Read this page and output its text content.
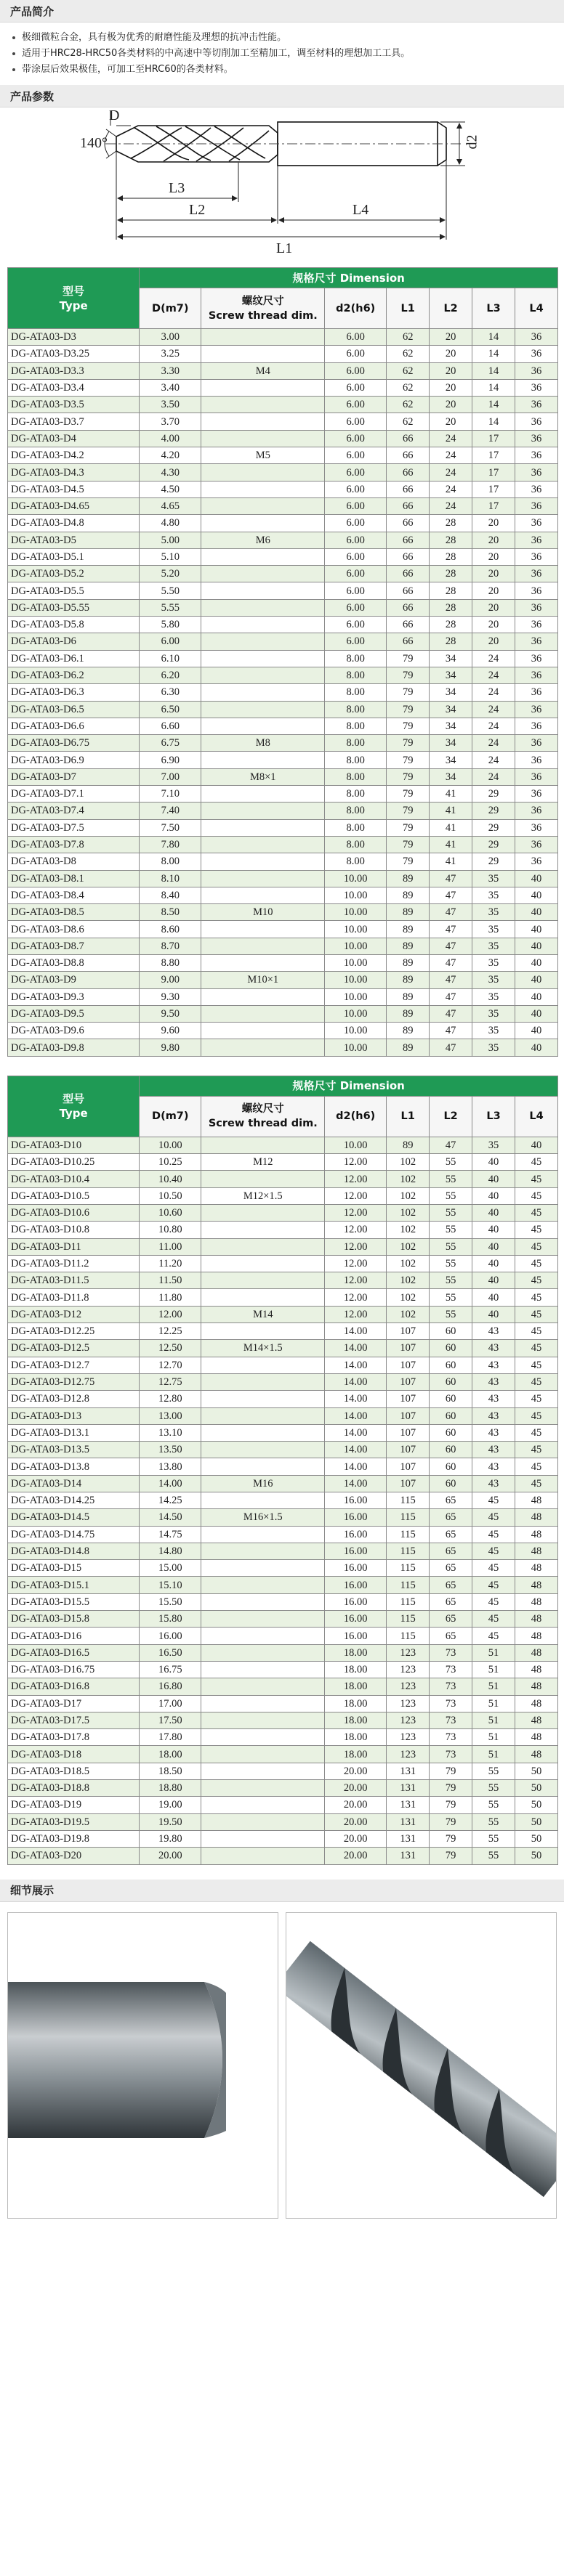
产品简介
极细微粒合金，具有极为优秀的耐磨性能及理想的抗冲击性能。
适用于HRC28-HRC50各类材料的中高速中等切削加工至精加工，调至材料的理想加工工具。
带涂层后效果极佳，可加工至HRC60的各类材料。
产品参数
D
140°	d2
L3
L2	L4
L1
型号
Type	规格尺寸 Dimension						
	D(m7)	螺纹尺寸
Screw thread dim.	d2(h6)	L1	L2	L3	L4
DG-ATA03-D3	3.00		6.00	62	20	14	36
DG-ATA03-D3.25	3.25		6.00	62	20	14	36
DG-ATA03-D3.3	3.30	M4	6.00	62	20	14	36
DG-ATA03-D3.4	3.40		6.00	62	20	14	36
DG-ATA03-D3.5	3.50		6.00	62	20	14	36
DG-ATA03-D3.7	3.70		6.00	62	20	14	36
DG-ATA03-D4	4.00		6.00	66	24	17	36
DG-ATA03-D4.2	4.20	M5	6.00	66	24	17	36
DG-ATA03-D4.3	4.30		6.00	66	24	17	36
DG-ATA03-D4.5	4.50		6.00	66	24	17	36
DG-ATA03-D4.65	4.65		6.00	66	24	17	36
DG-ATA03-D4.8	4.80		6.00	66	28	20	36
DG-ATA03-D5	5.00	M6	6.00	66	28	20	36
DG-ATA03-D5.1	5.10		6.00	66	28	20	36
DG-ATA03-D5.2	5.20		6.00	66	28	20	36
DG-ATA03-D5.5	5.50		6.00	66	28	20	36
DG-ATA03-D5.55	5.55		6.00	66	28	20	36
DG-ATA03-D5.8	5.80		6.00	66	28	20	36
DG-ATA03-D6	6.00		6.00	66	28	20	36
DG-ATA03-D6.1	6.10		8.00	79	34	24	36
DG-ATA03-D6.2	6.20		8.00	79	34	24	36
DG-ATA03-D6.3	6.30		8.00	79	34	24	36
DG-ATA03-D6.5	6.50		8.00	79	34	24	36
DG-ATA03-D6.6	6.60		8.00	79	34	24	36
DG-ATA03-D6.75	6.75	M8	8.00	79	34	24	36
DG-ATA03-D6.9	6.90		8.00	79	34	24	36
DG-ATA03-D7	7.00	M8×1	8.00	79	34	24	36
DG-ATA03-D7.1	7.10		8.00	79	41	29	36
DG-ATA03-D7.4	7.40		8.00	79	41	29	36
DG-ATA03-D7.5	7.50		8.00	79	41	29	36
DG-ATA03-D7.8	7.80		8.00	79	41	29	36
DG-ATA03-D8	8.00		8.00	79	41	29	36
DG-ATA03-D8.1	8.10		10.00	89	47	35	40
DG-ATA03-D8.4	8.40		10.00	89	47	35	40
DG-ATA03-D8.5	8.50	M10	10.00	89	47	35	40
DG-ATA03-D8.6	8.60		10.00	89	47	35	40
DG-ATA03-D8.7	8.70		10.00	89	47	35	40
DG-ATA03-D8.8	8.80		10.00	89	47	35	40
DG-ATA03-D9	9.00	M10×1	10.00	89	47	35	40
DG-ATA03-D9.3	9.30		10.00	89	47	35	40
DG-ATA03-D9.5	9.50		10.00	89	47	35	40
DG-ATA03-D9.6	9.60		10.00	89	47	35	40
DG-ATA03-D9.8	9.80		10.00	89	47	35	40
型号
Type	规格尺寸 Dimension						
	D(m7)	螺纹尺寸
Screw thread dim.	d2(h6)	L1	L2	L3	L4
DG-ATA03-D10	10.00		10.00	89	47	35	40
DG-ATA03-D10.25	10.25	M12	12.00	102	55	40	45
DG-ATA03-D10.4	10.40		12.00	102	55	40	45
DG-ATA03-D10.5	10.50	M12×1.5	12.00	102	55	40	45
DG-ATA03-D10.6	10.60		12.00	102	55	40	45
DG-ATA03-D10.8	10.80		12.00	102	55	40	45
DG-ATA03-D11	11.00		12.00	102	55	40	45
DG-ATA03-D11.2	11.20		12.00	102	55	40	45
DG-ATA03-D11.5	11.50		12.00	102	55	40	45
DG-ATA03-D11.8	11.80		12.00	102	55	40	45
DG-ATA03-D12	12.00	M14	12.00	102	55	40	45
DG-ATA03-D12.25	12.25		14.00	107	60	43	45
DG-ATA03-D12.5	12.50	M14×1.5	14.00	107	60	43	45
DG-ATA03-D12.7	12.70		14.00	107	60	43	45
DG-ATA03-D12.75	12.75		14.00	107	60	43	45
DG-ATA03-D12.8	12.80		14.00	107	60	43	45
DG-ATA03-D13	13.00		14.00	107	60	43	45
DG-ATA03-D13.1	13.10		14.00	107	60	43	45
DG-ATA03-D13.5	13.50		14.00	107	60	43	45
DG-ATA03-D13.8	13.80		14.00	107	60	43	45
DG-ATA03-D14	14.00	M16	14.00	107	60	43	45
DG-ATA03-D14.25	14.25		16.00	115	65	45	48
DG-ATA03-D14.5	14.50	M16×1.5	16.00	115	65	45	48
DG-ATA03-D14.75	14.75		16.00	115	65	45	48
DG-ATA03-D14.8	14.80		16.00	115	65	45	48
DG-ATA03-D15	15.00		16.00	115	65	45	48
DG-ATA03-D15.1	15.10		16.00	115	65	45	48
DG-ATA03-D15.5	15.50		16.00	115	65	45	48
DG-ATA03-D15.8	15.80		16.00	115	65	45	48
DG-ATA03-D16	16.00		16.00	115	65	45	48
DG-ATA03-D16.5	16.50		18.00	123	73	51	48
DG-ATA03-D16.75	16.75		18.00	123	73	51	48
DG-ATA03-D16.8	16.80		18.00	123	73	51	48
DG-ATA03-D17	17.00		18.00	123	73	51	48
DG-ATA03-D17.5	17.50		18.00	123	73	51	48
DG-ATA03-D17.8	17.80		18.00	123	73	51	48
DG-ATA03-D18	18.00		18.00	123	73	51	48
DG-ATA03-D18.5	18.50		20.00	131	79	55	50
DG-ATA03-D18.8	18.80		20.00	131	79	55	50
DG-ATA03-D19	19.00		20.00	131	79	55	50
DG-ATA03-D19.5	19.50		20.00	131	79	55	50
DG-ATA03-D19.8	19.80		20.00	131	79	55	50
DG-ATA03-D20	20.00		20.00	131	79	55	50
细节展示
